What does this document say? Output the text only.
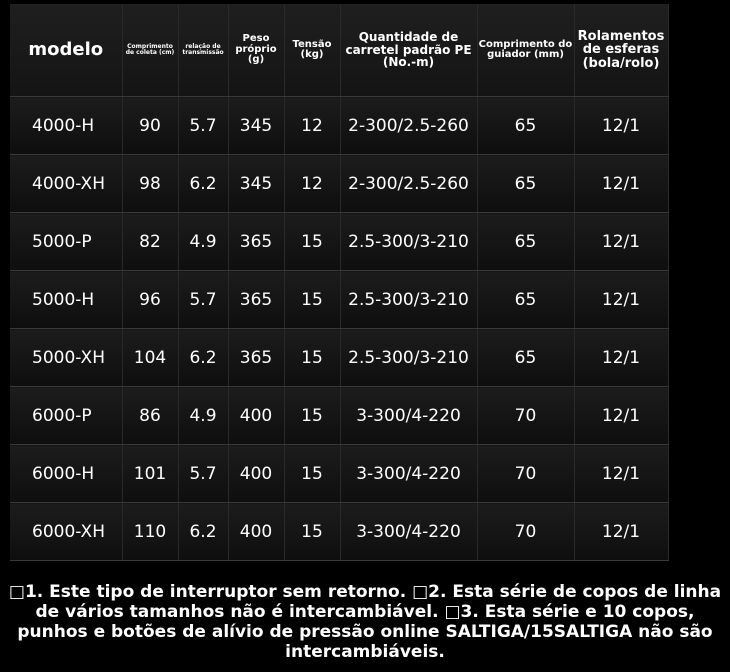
modelo	Comprimento de coleta (cm)	relação de transmissão	Peso próprio (g)	Tensão (kg)	Quantidade de carretel padrão PE (No.-m)	Comprimento do guiador (mm)	Rolamentos de esferas (bola/rolo)
4000-H	90	5.7	345	12	2-300/2.5-260	65	12/1
4000-XH	98	6.2	345	12	2-300/2.5-260	65	12/1
5000-P	82	4.9	365	15	2.5-300/3-210	65	12/1
5000-H	96	5.7	365	15	2.5-300/3-210	65	12/1
5000-XH	104	6.2	365	15	2.5-300/3-210	65	12/1
6000-P	86	4.9	400	15	3-300/4-220	70	12/1
6000-H	101	5.7	400	15	3-300/4-220	70	12/1
6000-XH	110	6.2	400	15	3-300/4-220	70	12/1
□1. Este tipo de interruptor sem retorno. □2. Esta série de copos de linha de vários tamanhos não é intercambiável. □3. Esta série e 10 copos, punhos e botões de alívio de pressão online SALTIGA/15SALTIGA não são intercambiáveis.
